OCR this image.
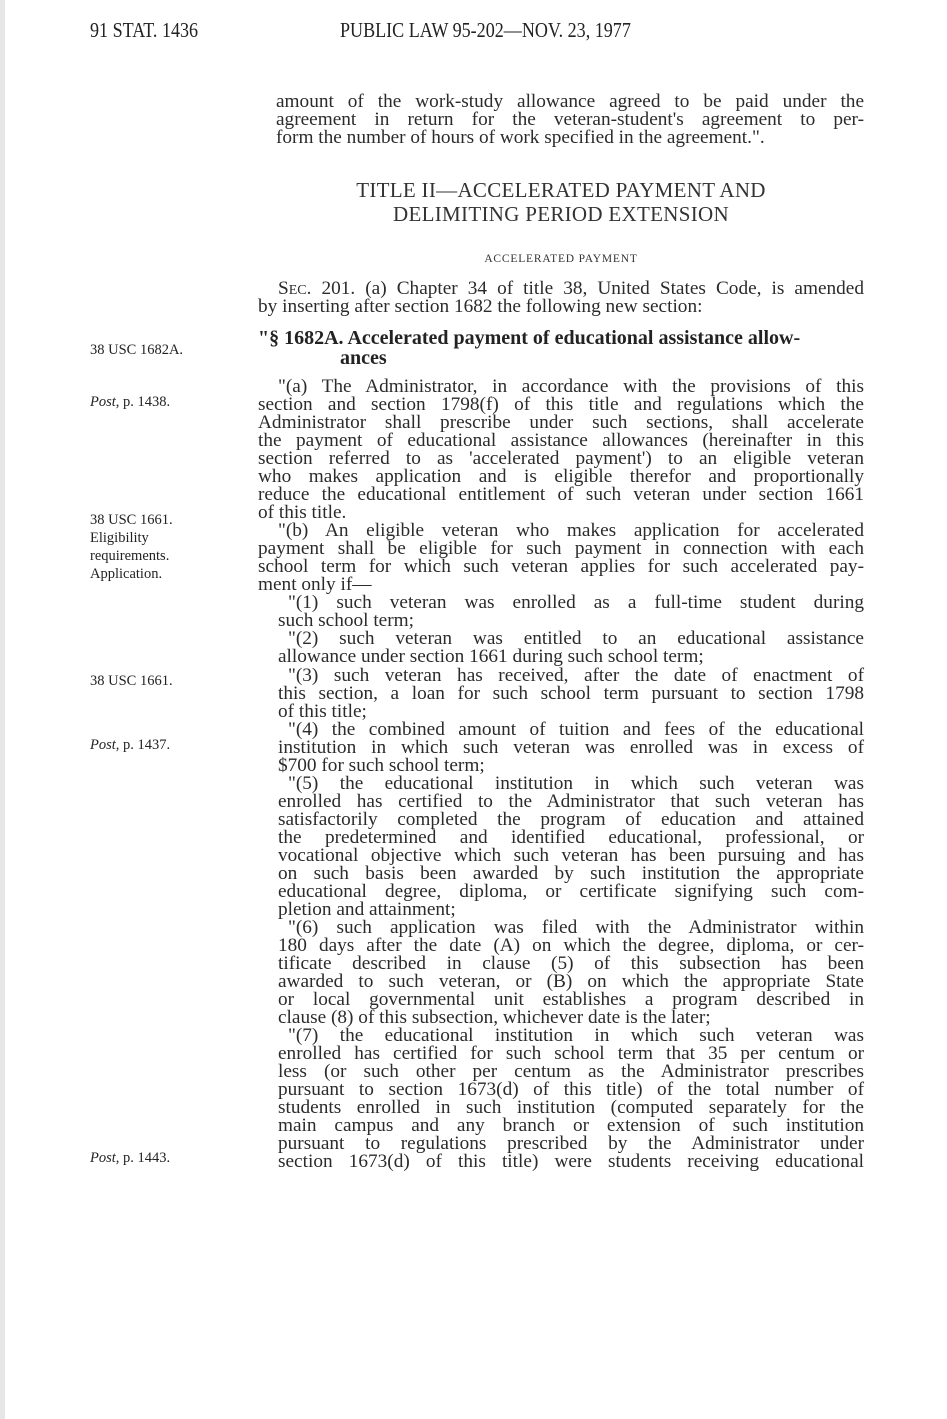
91 STAT. 1436	PUBLIC LAW 95-202—NOV. 23, 1977
amount of the work-study allowance agreed to be paid under the
agreement in return for the veteran-student's agreement to per-
form the number of hours of work specified in the agreement.".
TITLE II—ACCELERATED PAYMENT AND
DELIMITING PERIOD EXTENSION
ACCELERATED PAYMENT
Sec. 201. (a) Chapter 34 of title 38, United States Code, is amended
by inserting after section 1682 the following new section:
"§ 1682A. Accelerated payment of educational assistance allow-
ances
38 USC 1682A.
Post, p. 1438.
38 USC 1661.
Eligibility
requirements.
Application.
38 USC 1661.
Post, p. 1437.
Post, p. 1443.
"(a) The Administrator, in accordance with the provisions of this
section and section 1798(f) of this title and regulations which the
Administrator shall prescribe under such sections, shall accelerate
the payment of educational assistance allowances (hereinafter in this
section referred to as 'accelerated payment') to an eligible veteran
who makes application and is eligible therefor and proportionally
reduce the educational entitlement of such veteran under section 1661
of this title.
"(b) An eligible veteran who makes application for accelerated
payment shall be eligible for such payment in connection with each
school term for which such veteran applies for such accelerated pay-
ment only if—
"(1) such veteran was enrolled as a full-time student during
such school term;
"(2) such veteran was entitled to an educational assistance
allowance under section 1661 during such school term;
"(3) such veteran has received, after the date of enactment of
this section, a loan for such school term pursuant to section 1798
of this title;
"(4) the combined amount of tuition and fees of the educational
institution in which such veteran was enrolled was in excess of
$700 for such school term;
"(5) the educational institution in which such veteran was
enrolled has certified to the Administrator that such veteran has
satisfactorily completed the program of education and attained
the predetermined and identified educational, professional, or
vocational objective which such veteran has been pursuing and has
on such basis been awarded by such institution the appropriate
educational degree, diploma, or certificate signifying such com-
pletion and attainment;
"(6) such application was filed with the Administrator within
180 days after the date (A) on which the degree, diploma, or cer-
tificate described in clause (5) of this subsection has been
awarded to such veteran, or (B) on which the appropriate State
or local governmental unit establishes a program described in
clause (8) of this subsection, whichever date is the later;
"(7) the educational institution in which such veteran was
enrolled has certified for such school term that 35 per centum or
less (or such other per centum as the Administrator prescribes
pursuant to section 1673(d) of this title) of the total number of
students enrolled in such institution (computed separately for the
main campus and any branch or extension of such institution
pursuant to regulations prescribed by the Administrator under
section 1673(d) of this title) were students receiving educational
